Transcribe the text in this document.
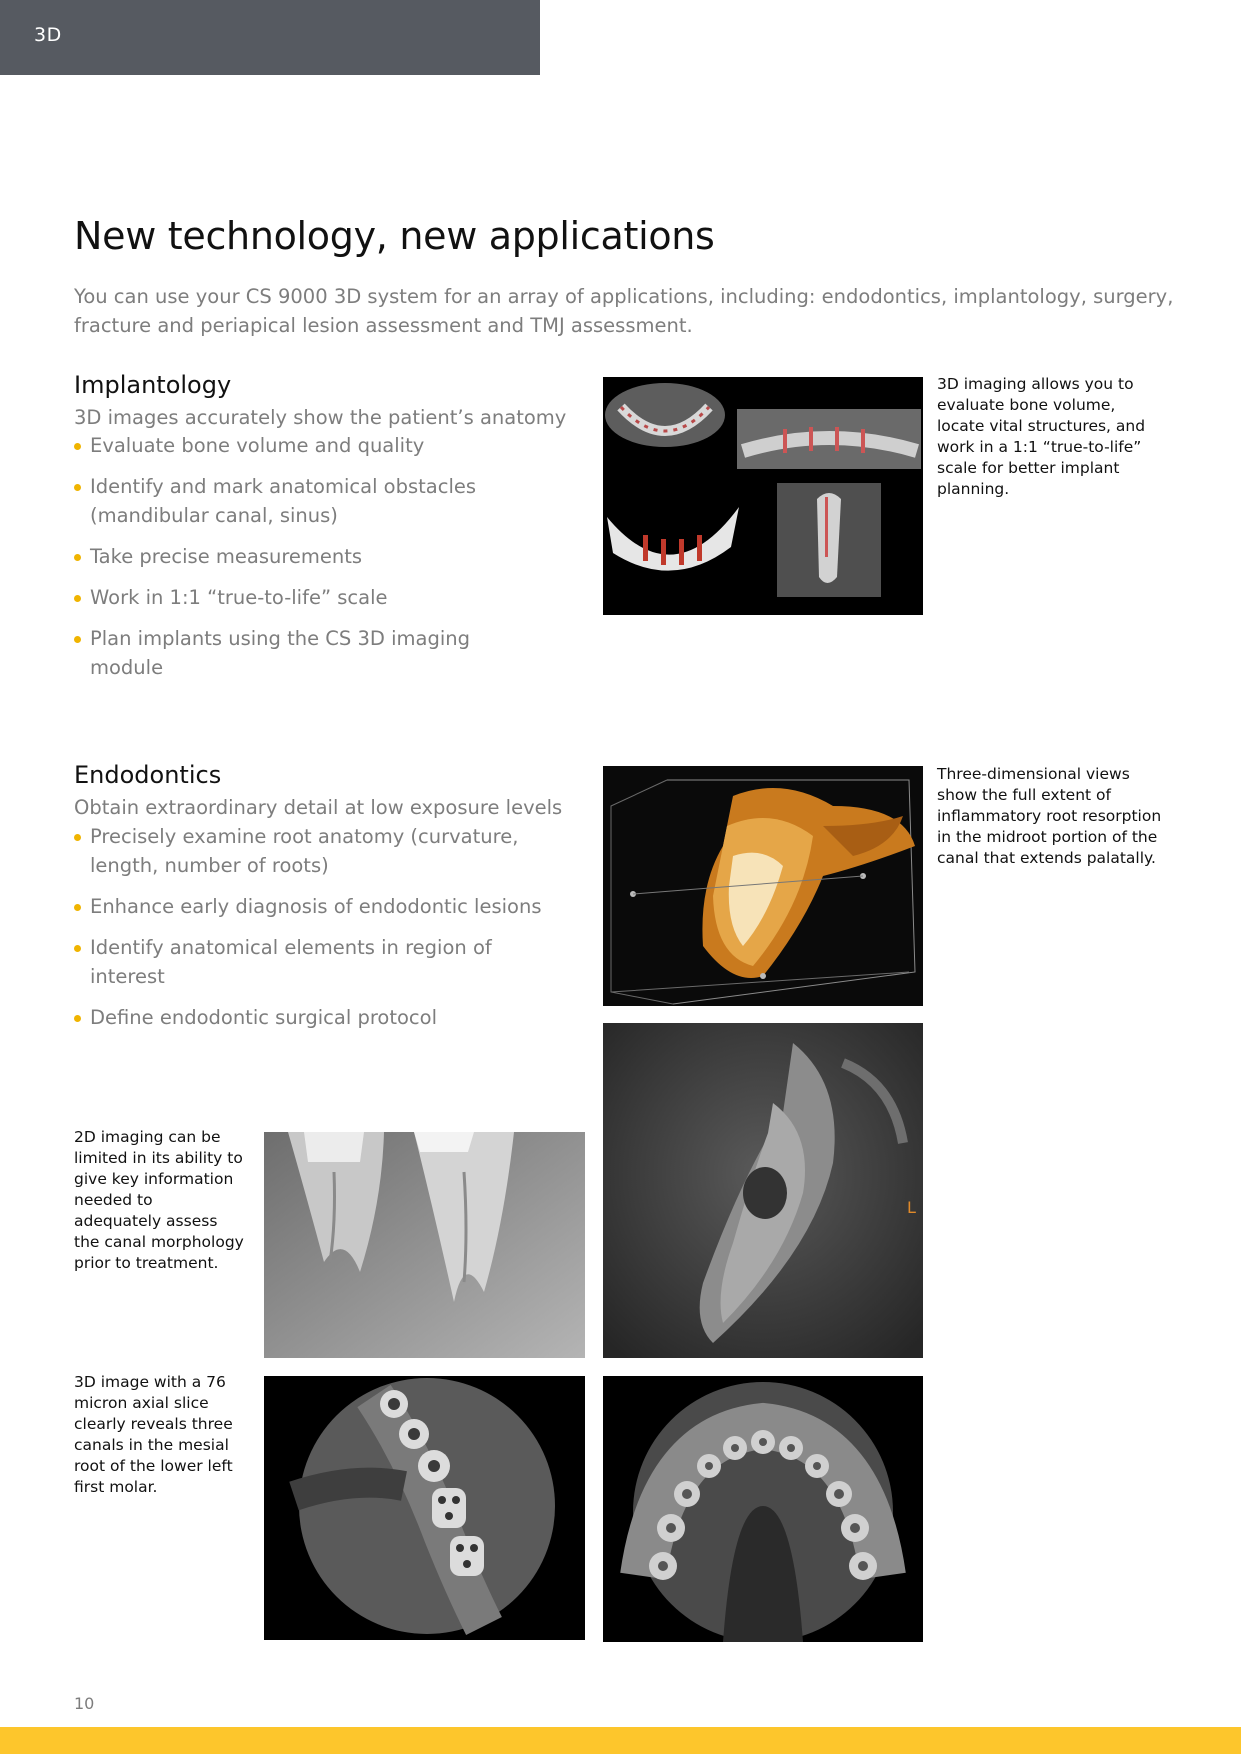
3D
New technology, new applications

You can use your CS 9000 3D system for an array of applications, including: endodontics, implantology, surgery, fracture and periapical lesion assessment and TMJ assessment.

Implantology

3D images accurately show the patient’s anatomy

Evaluate bone volume and quality
Identify and mark anatomical obstacles (mandibular canal, sinus)
Take precise measurements
Work in 1:1 “true-to-life” scale
Plan implants using the CS 3D imaging module

3D imaging allows you to evaluate bone volume, locate vital structures, and work in a 1:1 “true-to-life” scale for better implant planning.

Endodontics

Obtain extraordinary detail at low exposure levels

Precisely examine root anatomy (curvature, length, number of roots)
Enhance early diagnosis of endodontic lesions
Identify anatomical elements in region of interest
Define endodontic surgical protocol

Three-dimensional views show the full extent of inflammatory root resorption in the midroot portion of the canal that extends palatally.

L

2D imaging can be limited in its ability to give key information needed to adequately assess the canal morphology prior to treatment.

3D image with a 76 micron axial slice clearly reveals three canals in the mesial root of the lower left first molar.

10
